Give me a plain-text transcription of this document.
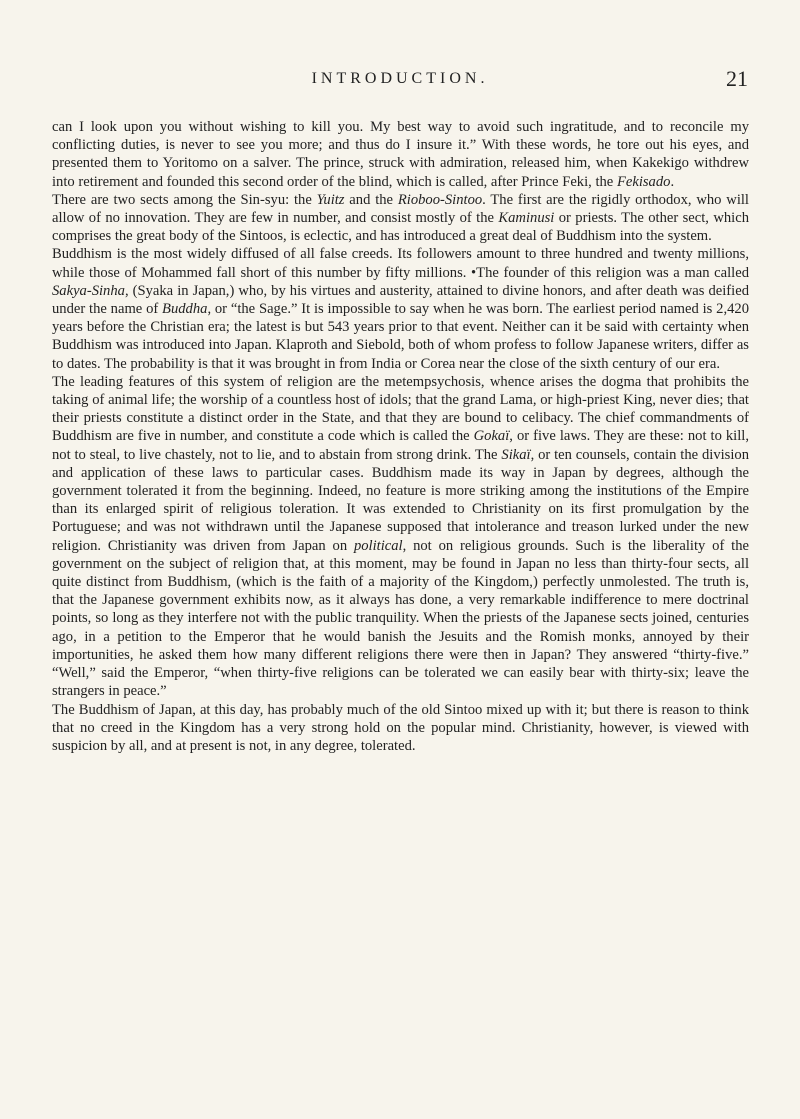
INTRODUCTION.	21

can I look upon you without wishing to kill you. My best way to avoid such ingratitude, and to reconcile my conflicting duties, is never to see you more; and thus do I insure it.” With these words, he tore out his eyes, and presented them to Yoritomo on a salver. The prince, struck with admiration, released him, when Kakekigo withdrew into retirement and founded this second order of the blind, which is called, after Prince Feki, the Fekisado.

There are two sects among the Sin-syu: the Yuitz and the Rioboo-Sintoo. The first are the rigidly orthodox, who will allow of no innovation. They are few in number, and consist mostly of the Kaminusi or priests. The other sect, which comprises the great body of the Sintoos, is eclectic, and has introduced a great deal of Buddhism into the system.

Buddhism is the most widely diffused of all false creeds. Its followers amount to three hundred and twenty millions, while those of Mohammed fall short of this number by fifty millions. •The founder of this religion was a man called Sakya-Sinha, (Syaka in Japan,) who, by his virtues and austerity, attained to divine honors, and after death was deified under the name of Buddha, or “the Sage.” It is impossible to say when he was born. The earliest period named is 2,420 years before the Christian era; the latest is but 543 years prior to that event. Neither can it be said with certainty when Buddhism was introduced into Japan. Klaproth and Siebold, both of whom profess to follow Japanese writers, differ as to dates. The probability is that it was brought in from India or Corea near the close of the sixth century of our era.

The leading features of this system of religion are the metempsychosis, whence arises the dogma that prohibits the taking of animal life; the worship of a countless host of idols; that the grand Lama, or high-priest King, never dies; that their priests constitute a distinct order in the State, and that they are bound to celibacy. The chief commandments of Buddhism are five in number, and constitute a code which is called the Gokaï, or five laws. They are these: not to kill, not to steal, to live chastely, not to lie, and to abstain from strong drink. The Sikaï, or ten counsels, contain the division and application of these laws to particular cases. Buddhism made its way in Japan by degrees, although the government tolerated it from the beginning. Indeed, no feature is more striking among the institutions of the Empire than its enlarged spirit of religious toleration. It was extended to Christianity on its first promulgation by the Portuguese; and was not withdrawn until the Japanese supposed that intolerance and treason lurked under the new religion. Christianity was driven from Japan on political, not on religious grounds. Such is the liberality of the government on the subject of religion that, at this moment, may be found in Japan no less than thirty-four sects, all quite distinct from Buddhism, (which is the faith of a majority of the Kingdom,) perfectly unmolested. The truth is, that the Japanese government exhibits now, as it always has done, a very remarkable indifference to mere doctrinal points, so long as they interfere not with the public tranquility. When the priests of the Japanese sects joined, centuries ago, in a petition to the Emperor that he would banish the Jesuits and the Romish monks, annoyed by their importunities, he asked them how many different religions there were then in Japan? They answered “thirty-five.” “Well,” said the Emperor, “when thirty-five religions can be tolerated we can easily bear with thirty-six; leave the strangers in peace.”

The Buddhism of Japan, at this day, has probably much of the old Sintoo mixed up with it; but there is reason to think that no creed in the Kingdom has a very strong hold on the popular mind. Christianity, however, is viewed with suspicion by all, and at present is not, in any degree, tolerated.
